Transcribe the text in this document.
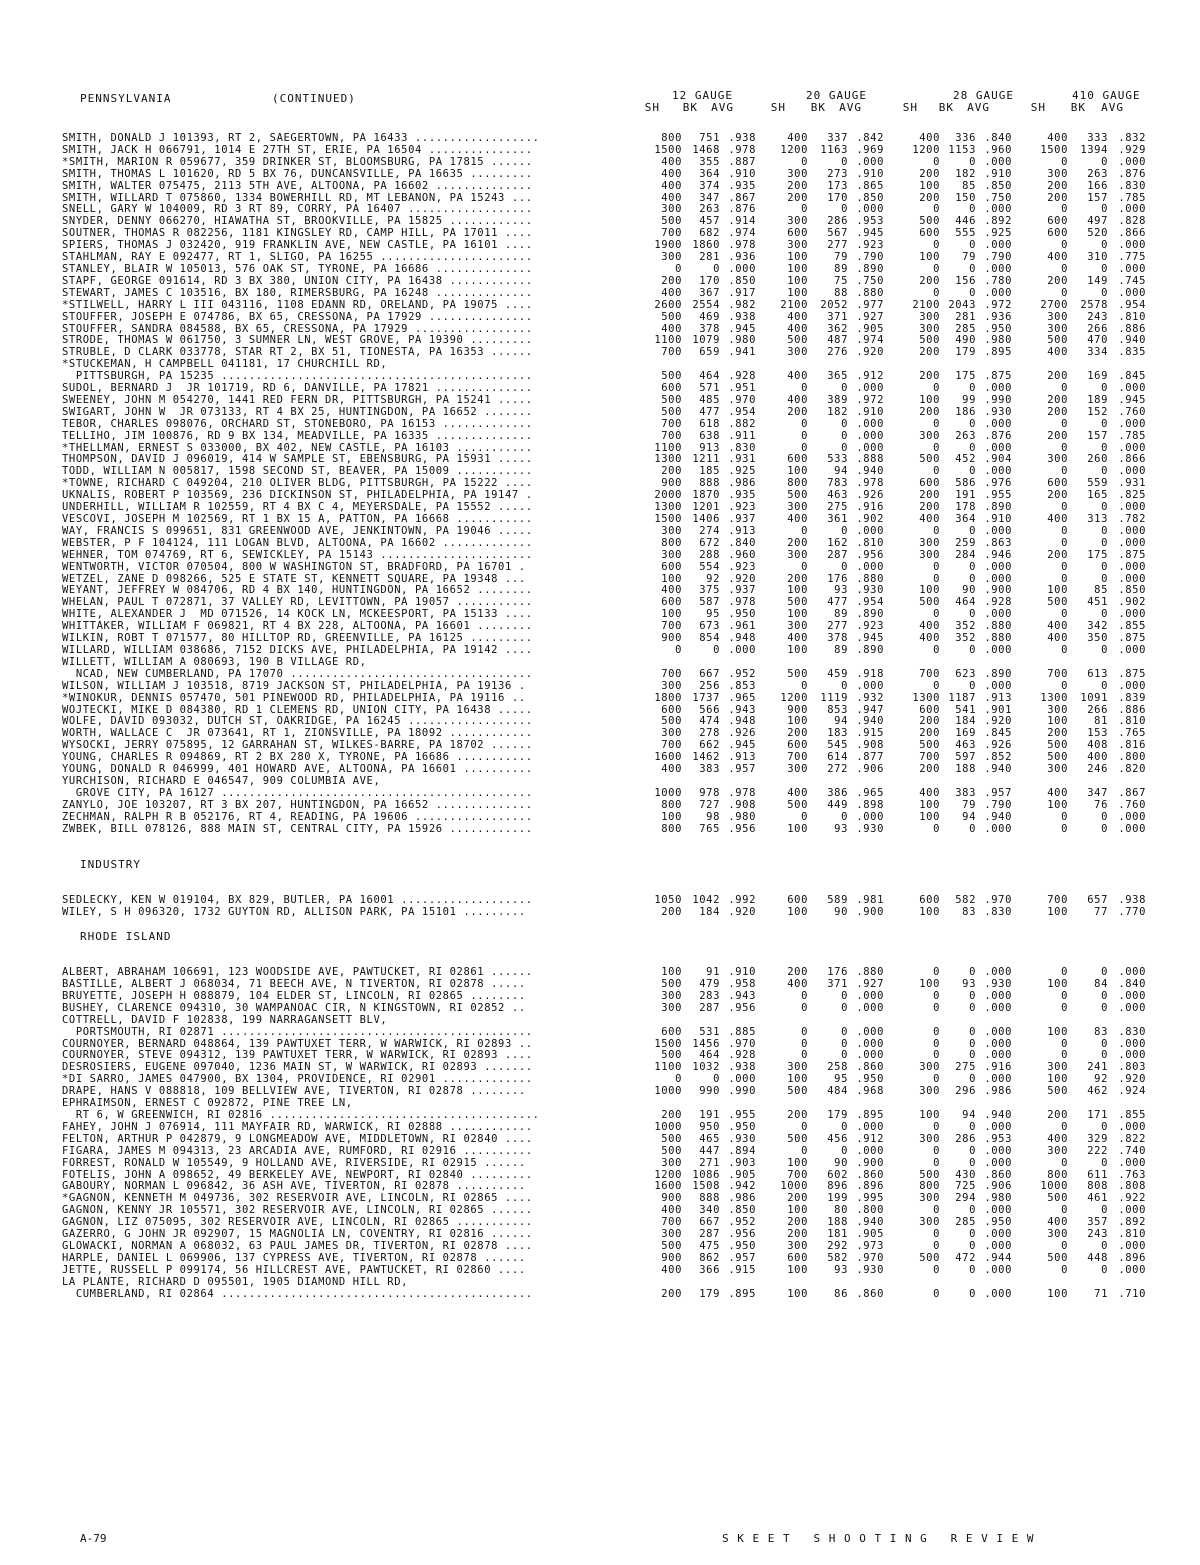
PENNSYLVANIA	(CONTINUED)	12 GAUGE	20 GAUGE	28 GAUGE	410 GAUGE
SH	BK	AVG	SH	BK	AVG	SH	BK	AVG	SH	BK	AVG
SMITH, DONALD J 101393, RT 2, SAEGERTOWN, PA 16433 ..................	800	751	.938	400	337	.842	400	336	.840	400	333	.832
SMITH, JACK H 066791, 1014 E 27TH ST, ERIE, PA 16504 ...............	1500	1468	.978	1200	1163	.969	1200	1153	.960	1500	1394	.929
*SMITH, MARION R 059677, 359 DRINKER ST, BLOOMSBURG, PA 17815 ......	400	355	.887	0	0	.000	0	0	.000	0	0	.000
SMITH, THOMAS L 101620, RD 5 BX 76, DUNCANSVILLE, PA 16635 .........	400	364	.910	300	273	.910	200	182	.910	300	263	.876
SMITH, WALTER 075475, 2113 5TH AVE, ALTOONA, PA 16602 ..............	400	374	.935	200	173	.865	100	85	.850	200	166	.830
SMITH, WILLARD T 075860, 1334 BOWERHILL RD, MT LEBANON, PA 15243 ...	400	347	.867	200	170	.850	200	150	.750	200	157	.785
SNELL, GARY W 104009, RD 3 RT 89, CORRY, PA 16407 ..................	300	263	.876	0	0	.000	0	0	.000	0	0	.000
SNYDER, DENNY 066270, HIAWATHA ST, BROOKVILLE, PA 15825 ............	500	457	.914	300	286	.953	500	446	.892	600	497	.828
SOUTNER, THOMAS R 082256, 1181 KINGSLEY RD, CAMP HILL, PA 17011 ....	700	682	.974	600	567	.945	600	555	.925	600	520	.866
SPIERS, THOMAS J 032420, 919 FRANKLIN AVE, NEW CASTLE, PA 16101 ....	1900	1860	.978	300	277	.923	0	0	.000	0	0	.000
STAHLMAN, RAY E 092477, RT 1, SLIGO, PA 16255 ......................	300	281	.936	100	79	.790	100	79	.790	400	310	.775
STANLEY, BLAIR W 105013, 576 OAK ST, TYRONE, PA 16686 ..............	0	0	.000	100	89	.890	0	0	.000	0	0	.000
STAPF, GEORGE 091614, RD 3 BX 380, UNION CITY, PA 16438 ............	200	170	.850	100	75	.750	200	156	.780	200	149	.745
STEWART, JAMES C 103516, BX 180, RIMERSBURG, PA 16248 ..............	400	367	.917	100	88	.880	0	0	.000	0	0	.000
*STILWELL, HARRY L III 043116, 1108 EDANN RD, ORELAND, PA 19075 ....	2600	2554	.982	2100	2052	.977	2100	2043	.972	2700	2578	.954
STOUFFER, JOSEPH E 074786, BX 65, CRESSONA, PA 17929 ...............	500	469	.938	400	371	.927	300	281	.936	300	243	.810
STOUFFER, SANDRA 084588, BX 65, CRESSONA, PA 17929 .................	400	378	.945	400	362	.905	300	285	.950	300	266	.886
STRODE, THOMAS W 061750, 3 SUMNER LN, WEST GROVE, PA 19390 .........	1100	1079	.980	500	487	.974	500	490	.980	500	470	.940
STRUBLE, D CLARK 033778, STAR RT 2, BX 51, TIONESTA, PA 16353 ......	700	659	.941	300	276	.920	200	179	.895	400	334	.835
*STUCKEMAN, H CAMPBELL 041181, 17 CHURCHILL RD,												
PITTSBURGH, PA 15235 .............................................	500	464	.928	400	365	.912	200	175	.875	200	169	.845
SUDOL, BERNARD J  JR 101719, RD 6, DANVILLE, PA 17821 ..............	600	571	.951	0	0	.000	0	0	.000	0	0	.000
SWEENEY, JOHN M 054270, 1441 RED FERN DR, PITTSBURGH, PA 15241 .....	500	485	.970	400	389	.972	100	99	.990	200	189	.945
SWIGART, JOHN W  JR 073133, RT 4 BX 25, HUNTINGDON, PA 16652 .......	500	477	.954	200	182	.910	200	186	.930	200	152	.760
TEBOR, CHARLES 098076, ORCHARD ST, STONEBORO, PA 16153 .............	700	618	.882	0	0	.000	0	0	.000	0	0	.000
TELLIHO, JIM 100876, RD 9 BX 134, MEADVILLE, PA 16335 ..............	700	638	.911	0	0	.000	300	263	.876	200	157	.785
*THELLMAN, ERNEST S 033000, BX 402, NEW CASTLE, PA 16103 ...........	1100	913	.830	0	0	.000	0	0	.000	0	0	.000
THOMPSON, DAVID J 096019, 414 W SAMPLE ST, EBENSBURG, PA 15931 .....	1300	1211	.931	600	533	.888	500	452	.904	300	260	.866
TODD, WILLIAM N 005817, 1598 SECOND ST, BEAVER, PA 15009 ...........	200	185	.925	100	94	.940	0	0	.000	0	0	.000
*TOWNE, RICHARD C 049204, 210 OLIVER BLDG, PITTSBURGH, PA 15222 ....	900	888	.986	800	783	.978	600	586	.976	600	559	.931
UKNALIS, ROBERT P 103569, 236 DICKINSON ST, PHILADELPHIA, PA 19147 .	2000	1870	.935	500	463	.926	200	191	.955	200	165	.825
UNDERHILL, WILLIAM R 102559, RT 4 BX C 4, MEYERSDALE, PA 15552 .....	1300	1201	.923	300	275	.916	200	178	.890	0	0	.000
VESCOVI, JOSEPH M 102569, RT 1 BX 15 A, PATTON, PA 16668 ...........	1500	1406	.937	400	361	.902	400	364	.910	400	313	.782
WAY, FRANCIS S 099651, 831 GREENWOOD AVE, JENKINTOWN, PA 19046 .....	300	274	.913	0	0	.000	0	0	.000	0	0	.000
WEBSTER, P F 104124, 111 LOGAN BLVD, ALTOONA, PA 16602 .............	800	672	.840	200	162	.810	300	259	.863	0	0	.000
WEHNER, TOM 074769, RT 6, SEWICKLEY, PA 15143 ......................	300	288	.960	300	287	.956	300	284	.946	200	175	.875
WENTWORTH, VICTOR 070504, 800 W WASHINGTON ST, BRADFORD, PA 16701 .	600	554	.923	0	0	.000	0	0	.000	0	0	.000
WETZEL, ZANE D 098266, 525 E STATE ST, KENNETT SQUARE, PA 19348 ...	100	92	.920	200	176	.880	0	0	.000	0	0	.000
WEYANT, JEFFREY W 084706, RD 4 BX 140, HUNTINGDON, PA 16652 ........	400	375	.937	100	93	.930	100	90	.900	100	85	.850
WHELAN, PAUL T 072871, 37 VALLEY RD, LEVITTOWN, PA 19057 ...........	600	587	.978	500	477	.954	500	464	.928	500	451	.902
WHITE, ALEXANDER J  MD 071526, 14 KOCK LN, MCKEESPORT, PA 15133 ....	100	95	.950	100	89	.890	0	0	.000	0	0	.000
WHITTAKER, WILLIAM F 069821, RT 4 BX 228, ALTOONA, PA 16601 ........	700	673	.961	300	277	.923	400	352	.880	400	342	.855
WILKIN, ROBT T 071577, 80 HILLTOP RD, GREENVILLE, PA 16125 .........	900	854	.948	400	378	.945	400	352	.880	400	350	.875
WILLARD, WILLIAM 038686, 7152 DICKS AVE, PHILADELPHIA, PA 19142 ....	0	0	.000	100	89	.890	0	0	.000	0	0	.000
WILLETT, WILLIAM A 080693, 190 B VILLAGE RD,												
NCAD, NEW CUMBERLAND, PA 17070 ...................................	700	667	.952	500	459	.918	700	623	.890	700	613	.875
WILSON, WILLIAM J 103518, 8719 JACKSON ST, PHILADELPHIA, PA 19136 .	300	256	.853	0	0	.000	0	0	.000	0	0	.000
*WINOKUR, DENNIS 057470, 501 PINEWOOD RD, PHILADELPHIA, PA 19116 ..	1800	1737	.965	1200	1119	.932	1300	1187	.913	1300	1091	.839
WOJTECKI, MIKE D 084380, RD 1 CLEMENS RD, UNION CITY, PA 16438 .....	600	566	.943	900	853	.947	600	541	.901	300	266	.886
WOLFE, DAVID 093032, DUTCH ST, OAKRIDGE, PA 16245 ..................	500	474	.948	100	94	.940	200	184	.920	100	81	.810
WORTH, WALLACE C  JR 073641, RT 1, ZIONSVILLE, PA 18092 ............	300	278	.926	200	183	.915	200	169	.845	200	153	.765
WYSOCKI, JERRY 075895, 12 GARRAHAN ST, WILKES-BARRE, PA 18702 ......	700	662	.945	600	545	.908	500	463	.926	500	408	.816
YOUNG, CHARLES R 094869, RT 2 BX 280 X, TYRONE, PA 16686 ...........	1600	1462	.913	700	614	.877	700	597	.852	500	400	.800
YOUNG, DONALD R 046999, 401 HOWARD AVE, ALTOONA, PA 16601 ..........	400	383	.957	300	272	.906	200	188	.940	300	246	.820
YURCHISON, RICHARD E 046547, 909 COLUMBIA AVE,												
GROVE CITY, PA 16127 .............................................	1000	978	.978	400	386	.965	400	383	.957	400	347	.867
ZANYLO, JOE 103207, RT 3 BX 207, HUNTINGDON, PA 16652 ..............	800	727	.908	500	449	.898	100	79	.790	100	76	.760
ZECHMAN, RALPH R B 052176, RT 4, READING, PA 19606 .................	100	98	.980	0	0	.000	100	94	.940	0	0	.000
ZWBEK, BILL 078126, 888 MAIN ST, CENTRAL CITY, PA 15926 ............	800	765	.956	100	93	.930	0	0	.000	0	0	.000

INDUSTRY												

SEDLECKY, KEN W 019104, BX 829, BUTLER, PA 16001 ...................	1050	1042	.992	600	589	.981	600	582	.970	700	657	.938
WILEY, S H 096320, 1732 GUYTON RD, ALLISON PARK, PA 15101 .........	200	184	.920	100	90	.900	100	83	.830	100	77	.770

RHODE ISLAND												

ALBERT, ABRAHAM 106691, 123 WOODSIDE AVE, PAWTUCKET, RI 02861 ......	100	91	.910	200	176	.880	0	0	.000	0	0	.000
BASTILLE, ALBERT J 068034, 71 BEECH AVE, N TIVERTON, RI 02878 .....	500	479	.958	400	371	.927	100	93	.930	100	84	.840
BRUYETTE, JOSEPH H 088879, 104 ELDER ST, LINCOLN, RI 02865 ........	300	283	.943	0	0	.000	0	0	.000	0	0	.000
BUSHEY, CLARENCE 094310, 30 WAMPANOAC CIR, N KINGSTOWN, RI 02852 ..	300	287	.956	0	0	.000	0	0	.000	0	0	.000
COTTRELL, DAVID F 102838, 199 NARRAGANSETT BLV,												
PORTSMOUTH, RI 02871 .............................................	600	531	.885	0	0	.000	0	0	.000	100	83	.830
COURNOYER, BERNARD 048864, 139 PAWTUXET TERR, W WARWICK, RI 02893 ..	1500	1456	.970	0	0	.000	0	0	.000	0	0	.000
COURNOYER, STEVE 094312, 139 PAWTUXET TERR, W WARWICK, RI 02893 ....	500	464	.928	0	0	.000	0	0	.000	0	0	.000
DESROSIERS, EUGENE 097040, 1236 MAIN ST, W WARWICK, RI 02893 .......	1100	1032	.938	300	258	.860	300	275	.916	300	241	.803
*DI SARRO, JAMES 047900, BX 1304, PROVIDENCE, RI 02901 .............	0	0	.000	100	95	.950	0	0	.000	100	92	.920
DRAPE, HANS V 088818, 109 BELLVIEW AVE, TIVERTON, RI 02878 ........	1000	990	.990	500	484	.968	300	296	.986	500	462	.924
EPHRAIMSON, ERNEST C 092872, PINE TREE LN,												
RT 6, W GREENWICH, RI 02816 .......................................	200	191	.955	200	179	.895	100	94	.940	200	171	.855
FAHEY, JOHN J 076914, 111 MAYFAIR RD, WARWICK, RI 02888 ............	1000	950	.950	0	0	.000	0	0	.000	0	0	.000
FELTON, ARTHUR P 042879, 9 LONGMEADOW AVE, MIDDLETOWN, RI 02840 ....	500	465	.930	500	456	.912	300	286	.953	400	329	.822
FIGARA, JAMES M 094313, 23 ARCADIA AVE, RUMFORD, RI 02916 ..........	500	447	.894	0	0	.000	0	0	.000	300	222	.740
FORREST, RONALD W 105549, 9 HOLLAND AVE, RIVERSIDE, RI 02915 ......	300	271	.903	100	90	.900	0	0	.000	0	0	.000
FOTELIS, JOHN A 098652, 49 BERKELEY AVE, NEWPORT, RI 02840 .........	1200	1086	.905	700	602	.860	500	430	.860	800	611	.763
GABOURY, NORMAN L 096842, 36 ASH AVE, TIVERTON, RI 02878 ..........	1600	1508	.942	1000	896	.896	800	725	.906	1000	808	.808
*GAGNON, KENNETH M 049736, 302 RESERVOIR AVE, LINCOLN, RI 02865 ....	900	888	.986	200	199	.995	300	294	.980	500	461	.922
GAGNON, KENNY JR 105571, 302 RESERVOIR AVE, LINCOLN, RI 02865 ......	400	340	.850	100	80	.800	0	0	.000	0	0	.000
GAGNON, LIZ 075095, 302 RESERVOIR AVE, LINCOLN, RI 02865 ...........	700	667	.952	200	188	.940	300	285	.950	400	357	.892
GAZERRO, G JOHN JR 092907, 15 MAGNOLIA LN, COVENTRY, RI 02816 ......	300	287	.956	200	181	.905	0	0	.000	300	243	.810
GLOWACKI, NORMAN A 068032, 63 PAUL JAMES DR, TIVERTON, RI 02878 ....	500	475	.950	300	292	.973	0	0	.000	0	0	.000
HARPLE, DANIEL L 069906, 137 CYPRESS AVE, TIVERTON, RI 02878 ......	900	862	.957	600	582	.970	500	472	.944	500	448	.896
JETTE, RUSSELL P 099174, 56 HILLCREST AVE, PAWTUCKET, RI 02860 ....	400	366	.915	100	93	.930	0	0	.000	0	0	.000
LA PLANTE, RICHARD D 095501, 1905 DIAMOND HILL RD,												
CUMBERLAND, RI 02864 .............................................	200	179	.895	100	86	.860	0	0	.000	100	71	.710
A-79	S K E E T   S H O O T I N G   R E V I E W
